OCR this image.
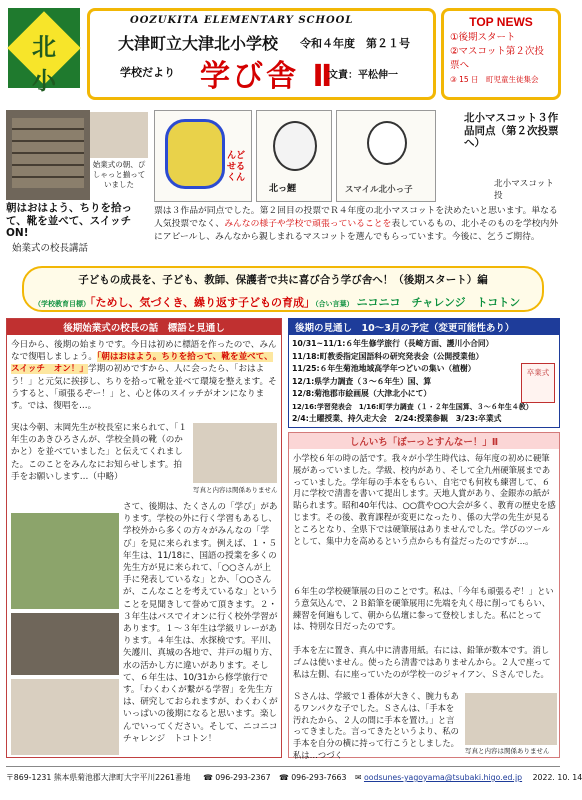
北
小
OOZUKITA ELEMENTARY SCHOOL
大津町立大津北小学校 令和４年度　第２１号
学校だより 学び舎 Ⅱ
文責：平松伸一
TOP NEWS
①後期スタート
②マスコット第２次投票へ
③ 15 日　町児童生徒集会
始業式の朝、ぴしゃっと揃っていました
朝はおはよう、ちりを拾って、靴を並べて、スイッチ　ON!
始業式の校長講話
んどせるくん
北っ鯉	スマイル北小っ子
北小マスコット３作品同点（第２次投票へ）
北小マスコット投
票は３作品が同点でした。第２回目の投票でＲ４年度の北小マスコットを決めたいと思います。単なる人気投票でなく、みんなの様子や学校で頑張っていることを表しているもの、北小そのものを学校内外にアピールし、みんなから親しまれるマスコットを選んでもらっています。今後に、乞うご期待。
子どもの成長を、子ども、教師、保護者で共に喜び合う学び舎へ！（後期スタート）編
（学校教育目標）「ためし、気づくき、繰り返す子どもの育成」（合い言葉） ニコニコ　チャレンジ　トコトン
後期始業式の校長の話　標語と見通し
今日から、後期の始まりです。今日は初めに標語を作ったので、みんなで復唱しましょう。「朝はおはよう。ちりを拾って、靴を並べて、スイッチ　オン！」学期の初めですから、人に会ったら、「おはよう！」と元気に挨拶し、ちりを拾って靴を並べて環境を整えます。そうすると、「頑張るぞー！」と、心と体のスイッチがオンになります。では、復唱を…。
実は今朝、末岡先生が校長室に来られて、「１年生のあきひろさんが、学校全員の靴（のかかと）を並べていました」と伝えてくれました。このことをみんなにお知らせします。拍手をお願いします…（中略）
写真と内容は関係ありません
さて、後期は、たくさんの「学び」があります。学校の外に行く学習もあるし、学校外から多くの方々がみんなの「学び」を見に来られます。例えば、１・５年生は、11/18に、国語の授業を多くの先生方が見に来られて、「○○さんが上手に発表しているな」とか、「○○さんが、こんなことを考えているな」ということを見聞きして誉めて頂きます。２・３年生はバスでイオンに行く校外学習があります。１～３年生は学級リレーがあります。４年生は、水探検です。平川、矢護川、真城の各地で、井戸の堀り方、水の活かし方に違いがあります。そして、６年生は、10/31から修学旅行です。「わくわくが繋がる学習」を先生方は、研究しておられますが、わくわくがいっぱいの後期になると思います。楽しんでいってください。そして、ニコニコ　チャレンジ　トコトン！
後期の見通し　10～3月の予定（変更可能性あり）
10/31~11/1:６年生修学旅行（長崎方面、護川小合同）
11/18:町教委指定国語科の研究発表会（公開授業他）
11/25:６年生菊池地域高学年つどいの集い（植樹）
12/1:県学力調査（３～６年生）国、算
12/8:菊池郡市絵画展（大津北小にて）
12/16:学習発表会　1/16:町学力調査（１・２年生国算、３～６年生４教）
2/4:土曜授業、持久走大会　2/24:授業参観　3/23:卒業式
卒業式
しんいち「ぼーっとすんなー！」Ⅱ
小学校６年の時の話です。我々が小学生時代は、毎年度の初めに硬筆展があっていました。学級、校内があり、そして全九州硬筆展まであっていました。学年毎の手本をもらい、自宅でも何枚も練習して、６月に学校で清書を書いて提出します。天地人賞があり、金銀赤の紙が貼られます。昭和40年代は、○○賞や○○大会が多く、教育の歴史を感じます。その後、教育課程が変更になったり、係の大学の先生が見るところとなり、全県下では硬筆展はありませんでした。学びのツールとして、集中力を高めるという点からも有益だったのですが…。
６年生の学校硬筆展の日のことです。私は、「今年も頑張るぞ！」という意気込んで、２Ｂ鉛筆を硬筆展用に先端を丸く母に削ってもらい、練習を何遍もして、朝から仏壇に参って登校しました。私にとっては、特別な日だったのです。
手本を左に置き、真ん中に清書用紙。右には、鉛筆が数本です。消しゴムは使いません。使ったら清書ではありませんから。２人で座って私は左側、右に座っていたのが学校一のジャイアン、Ｓさんでした。
Ｓさんは、学級で１番体が大きく、腕力もあるワンパクな子でした。Ｓさんは、「手本を汚れたから、２人の間に手本を置け。」と言ってきました。言ってきたというより、私の手本を自分の横に持って行こうとしました。私は…つづく	写真と内容は関係ありません
〒869-1231 熊本県菊池郡大津町大字平川2261番地 ☎ 096-293-2367 ☎ 096-293-7663 ✉ oodsunes-yagoyama@tsubaki.higo.ed.jp 2022. 10. 14
